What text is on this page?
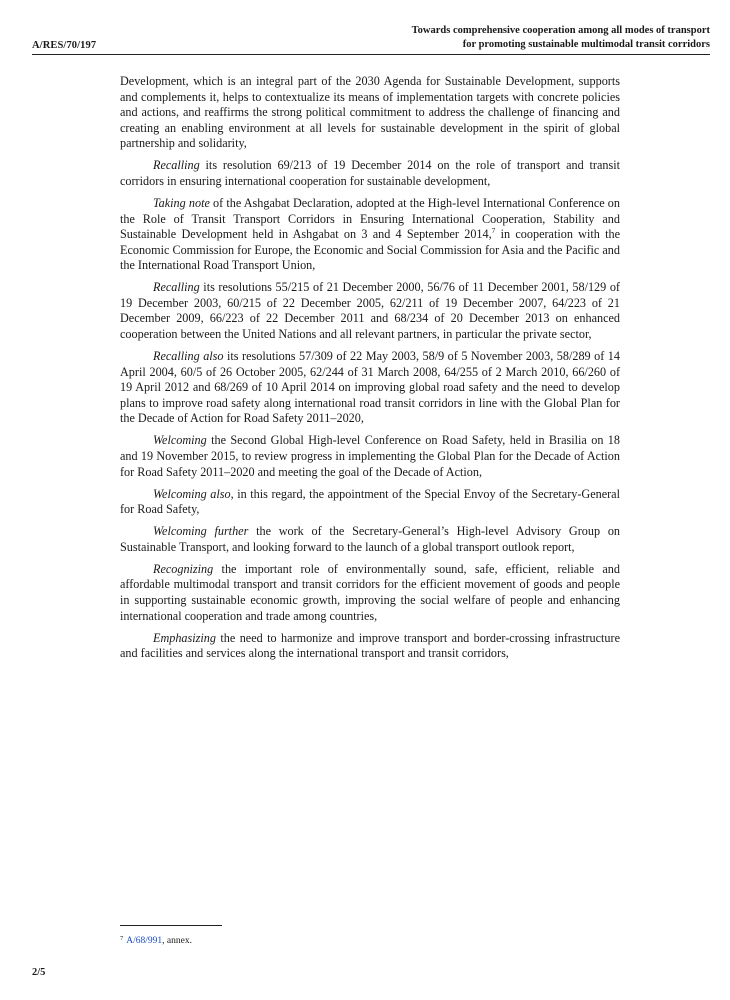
A/RES/70/197
Towards comprehensive cooperation among all modes of transport
for promoting sustainable multimodal transit corridors

Development, which is an integral part of the 2030 Agenda for Sustainable Development, supports and complements it, helps to contextualize its means of implementation targets with concrete policies and actions, and reaffirms the strong political commitment to address the challenge of financing and creating an enabling environment at all levels for sustainable development in the spirit of global partnership and solidarity,

Recalling its resolution 69/213 of 19 December 2014 on the role of transport and transit corridors in ensuring international cooperation for sustainable development,

Taking note of the Ashgabat Declaration, adopted at the High-level International Conference on the Role of Transit Transport Corridors in Ensuring International Cooperation, Stability and Sustainable Development held in Ashgabat on 3 and 4 September 2014,$^7$ in cooperation with the Economic Commission for Europe, the Economic and Social Commission for Asia and the Pacific and the International Road Transport Union,

Recalling its resolutions 55/215 of 21 December 2000, 56/76 of 11 December 2001, 58/129 of 19 December 2003, 60/215 of 22 December 2005, 62/211 of 19 December 2007, 64/223 of 21 December 2009, 66/223 of 22 December 2011 and 68/234 of 20 December 2013 on enhanced cooperation between the United Nations and all relevant partners, in particular the private sector,

Recalling also its resolutions 57/309 of 22 May 2003, 58/9 of 5 November 2003, 58/289 of 14 April 2004, 60/5 of 26 October 2005, 62/244 of 31 March 2008, 64/255 of 2 March 2010, 66/260 of 19 April 2012 and 68/269 of 10 April 2014 on improving global road safety and the need to develop plans to improve road safety along international road transit corridors in line with the Global Plan for the Decade of Action for Road Safety 2011–2020,

Welcoming the Second Global High-level Conference on Road Safety, held in Brasilia on 18 and 19 November 2015, to review progress in implementing the Global Plan for the Decade of Action for Road Safety 2011–2020 and meeting the goal of the Decade of Action,

Welcoming also, in this regard, the appointment of the Special Envoy of the Secretary-General for Road Safety,

Welcoming further the work of the Secretary-General’s High-level Advisory Group on Sustainable Transport, and looking forward to the launch of a global transport outlook report,

Recognizing the important role of environmentally sound, safe, efficient, reliable and affordable multimodal transport and transit corridors for the efficient movement of goods and people in supporting sustainable economic growth, improving the social welfare of people and enhancing international cooperation and trade among countries,

Emphasizing the need to harmonize and improve transport and border-crossing infrastructure and facilities and services along the international transport and transit corridors,

$^7$ A/68/991, annex.
2/5
